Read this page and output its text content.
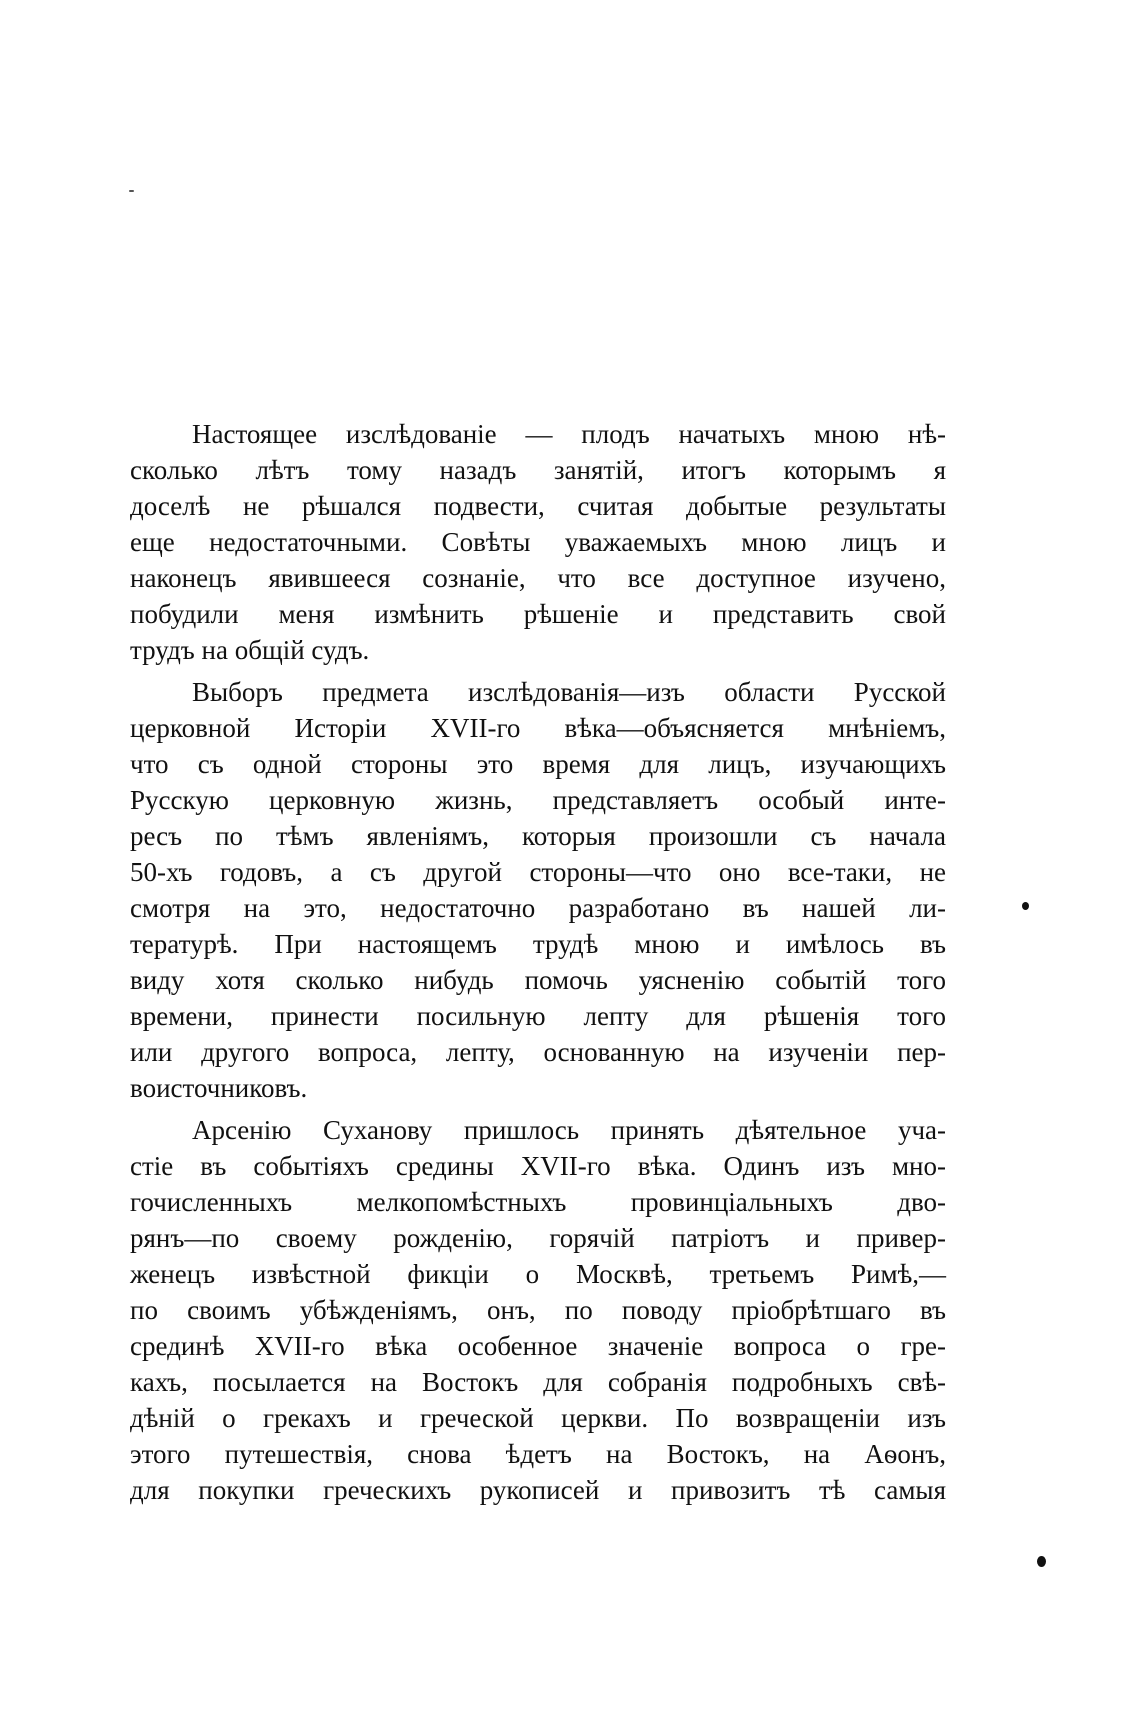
Настоящее изслѣдованіе — плодъ начатыхъ мною нѣ-
сколько лѣтъ тому назадъ занятій, итогъ которымъ я
доселѣ не рѣшался подвести, считая добытые результаты
еще недостаточными. Совѣты уважаемыхъ мною лицъ и
наконецъ явившееся сознаніе, что все доступное изучено,
побудили меня измѣнить рѣшеніе и представить свой
трудъ на общій судъ.
Выборъ предмета изслѣдованія—изъ области Русской
церковной Исторіи XVII-го вѣка—объясняется мнѣніемъ,
что съ одной стороны это время для лицъ, изучающихъ
Русскую церковную жизнь, представляетъ особый инте-
ресъ по тѣмъ явленіямъ, которыя произошли съ начала
50-хъ годовъ, а съ другой стороны—что оно все-таки, не
смотря на это, недостаточно разработано въ нашей ли-
тературѣ. При настоящемъ трудѣ мною и имѣлось въ
виду хотя сколько нибудь помочь уясненію событій того
времени, принести посильную лепту для рѣшенія того
или другого вопроса, лепту, основанную на изученіи пер-
воисточниковъ.
Арсенію Суханову пришлось принять дѣятельное уча-
стіе въ событіяхъ средины XVII-го вѣка. Одинъ изъ мно-
гочисленныхъ мелкопомѣстныхъ провинціальныхъ дво-
рянъ—по своему рожденію, горячій патріотъ и привер-
женецъ извѣстной фикціи о Москвѣ, третьемъ Римѣ,—
по своимъ убѣжденіямъ, онъ, по поводу пріобрѣтшаго въ
срединѣ XVII-го вѣка особенное значеніе вопроса о гре-
кахъ, посылается на Востокъ для собранія подробныхъ свѣ-
дѣній о грекахъ и греческой церкви. По возвращеніи изъ
этого путешествія, снова ѣдетъ на Востокъ, на Аѳонъ,
для покупки греческихъ рукописей и привозитъ тѣ самыя
